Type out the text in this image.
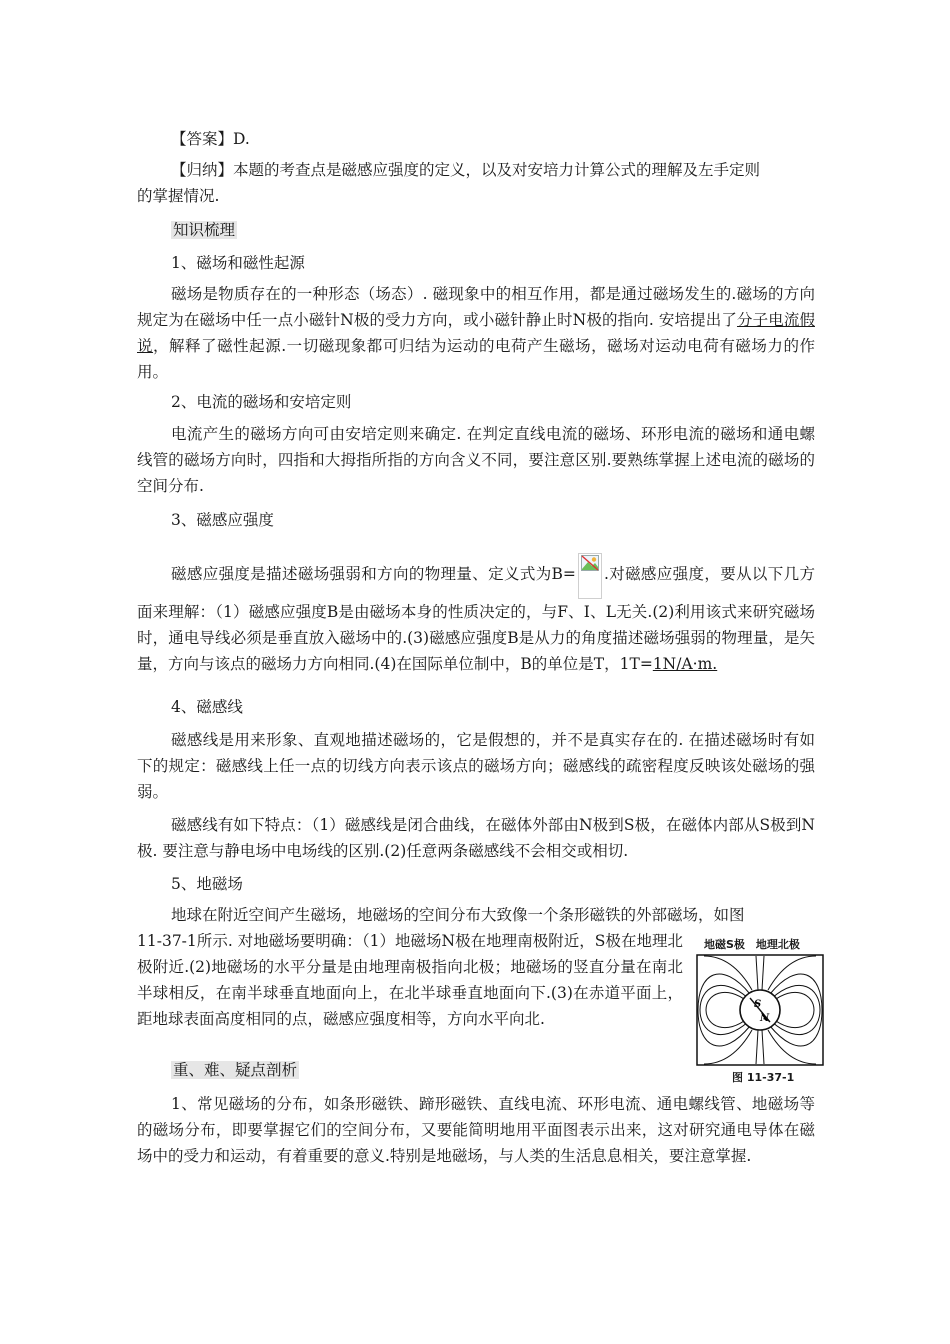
【答案】D.

【归纳】本题的考查点是磁感应强度的定义，以及对安培力计算公式的理解及左手定则

的掌握情况.

知识梳理

1、磁场和磁性起源

磁场是物质存在的一种形态（场态）. 磁现象中的相互作用，都是通过磁场发生的.磁场的方向规定为在磁场中任一点小磁针N极的受力方向，或小磁针静止时N极的指向. 安培提出了分子电流假说，解释了磁性起源.一切磁现象都可归结为运动的电荷产生磁场，磁场对运动电荷有磁场力的作用。

2、电流的磁场和安培定则

电流产生的磁场方向可由安培定则来确定. 在判定直线电流的磁场、环形电流的磁场和通电螺线管的磁场方向时，四指和大拇指所指的方向含义不同，要注意区别.要熟练掌握上述电流的磁场的空间分布.

3、磁感应强度

磁感应强度是描述磁场强弱和方向的物理量、定义式为B= .对磁感应强度，要从以下几方面来理解：（1）磁感应强度B是由磁场本身的性质决定的，与F、I、L无关.(2)利用该式来研究磁场时，通电导线必须是垂直放入磁场中的.(3)磁感应强度B是从力的角度描述磁场强弱的物理量，是矢量，方向与该点的磁场力方向相同.(4)在国际单位制中，B的单位是T，1T=1N/A·m.

4、磁感线

磁感线是用来形象、直观地描述磁场的，它是假想的，并不是真实存在的. 在描述磁场时有如下的规定：磁感线上任一点的切线方向表示该点的磁场方向；磁感线的疏密程度反映该处磁场的强弱。

磁感线有如下特点：（1）磁感线是闭合曲线，在磁体外部由N极到S极，在磁体内部从S极到N极. 要注意与静电场中电场线的区别.(2)任意两条磁感线不会相交或相切.

5、地磁场

地球在附近空间产生磁场，地磁场的空间分布大致像一个条形磁铁的外部磁场，如图

11-37-1所示. 对地磁场要明确：（1）地磁场N极在地理南极附近，S极在地理北极附近.(2)地磁场的水平分量是由地理南极指向北极；地磁场的竖直分量在南北半球相反，在南半球垂直地面向上，在北半球垂直地面向下.(3)在赤道平面上，距地球表面高度相同的点，磁感应强度相等，方向水平向北.

重、难、疑点剖析

1、常见磁场的分布，如条形磁铁、蹄形磁铁、直线电流、环形电流、通电螺线管、地磁场等的磁场分布，即要掌握它们的空间分布，又要能简明地用平面图表示出来，这对研究通电导体在磁场中的受力和运动，有着重要的意义.特别是地磁场，与人类的生活息息相关，要注意掌握.

地磁S极　地理北极
S
N
图 11-37-1
